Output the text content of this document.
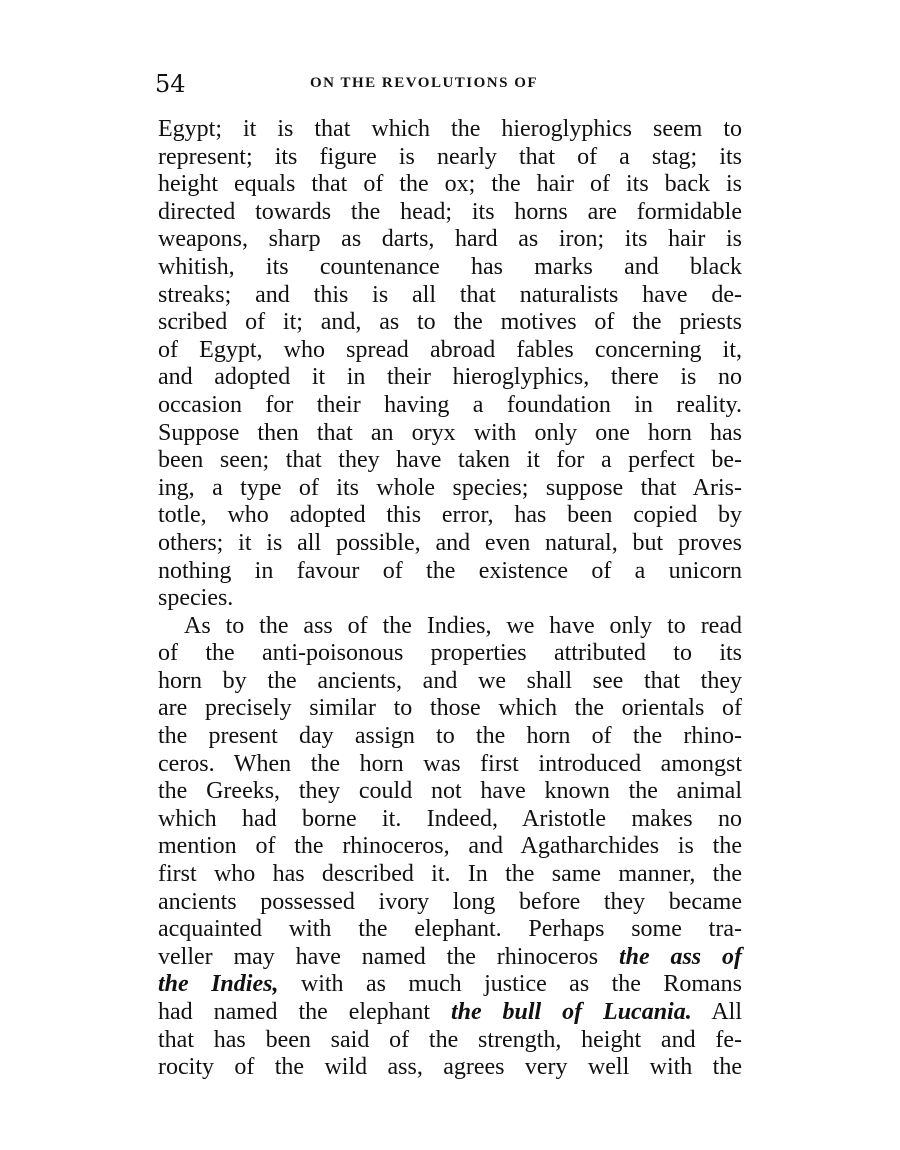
54	ON THE REVOLUTIONS OF
Egypt; it is that which the hieroglyphics seem to
represent; its figure is nearly that of a stag; its
height equals that of the ox; the hair of its back is
directed towards the head; its horns are formidable
weapons, sharp as darts, hard as iron; its hair is
whitish, its countenance has marks and black
streaks; and this is all that naturalists have de-
scribed of it; and, as to the motives of the priests
of Egypt, who spread abroad fables concerning it,
and adopted it in their hieroglyphics, there is no
occasion for their having a foundation in reality.
Suppose then that an oryx with only one horn has
been seen; that they have taken it for a perfect be-
ing, a type of its whole species; suppose that Aris-
totle, who adopted this error, has been copied by
others; it is all possible, and even natural, but proves
nothing in favour of the existence of a unicorn
species.
As to the ass of the Indies, we have only to read
of the anti-poisonous properties attributed to its
horn by the ancients, and we shall see that they
are precisely similar to those which the orientals of
the present day assign to the horn of the rhino-
ceros. When the horn was first introduced amongst
the Greeks, they could not have known the animal
which had borne it. Indeed, Aristotle makes no
mention of the rhinoceros, and Agatharchides is the
first who has described it. In the same manner, the
ancients possessed ivory long before they became
acquainted with the elephant. Perhaps some tra-
veller may have named the rhinoceros the ass of
the Indies, with as much justice as the Romans
had named the elephant the bull of Lucania. All
that has been said of the strength, height and fe-
rocity of the wild ass, agrees very well with the
